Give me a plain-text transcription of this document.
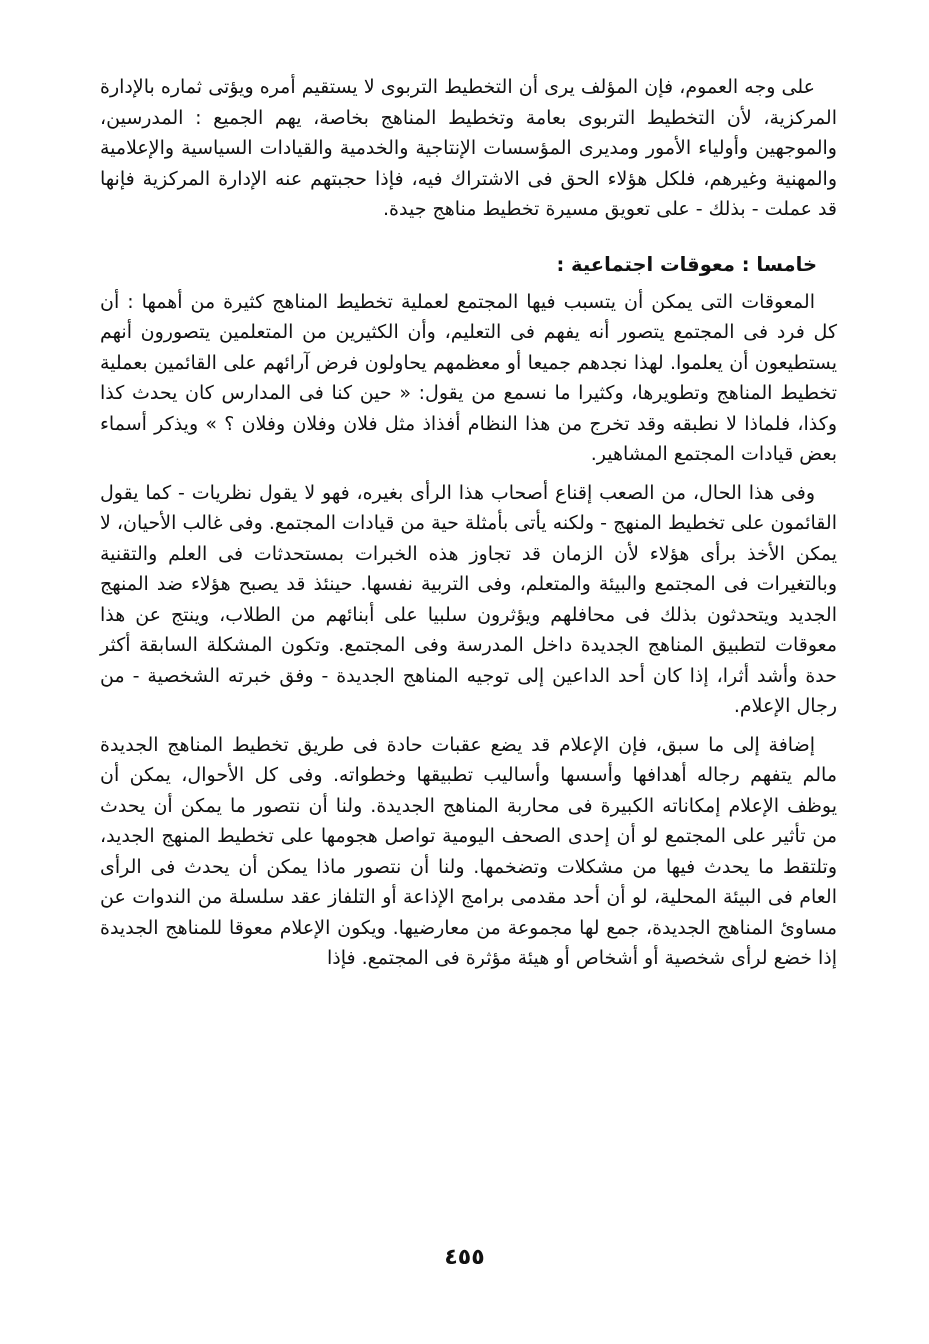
على وجه العموم، فإن المؤلف يرى أن التخطيط التربوى لا يستقيم أمره ويؤتى ثماره بالإدارة المركزية، لأن التخطيط التربوى بعامة وتخطيط المناهج بخاصة، يهم الجميع : المدرسين، والموجهين وأولياء الأمور ومديرى المؤسسات الإنتاجية والخدمية والقيادات السياسية والإعلامية والمهنية وغيرهم، فلكل هؤلاء الحق فى الاشتراك فيه، فإذا حجبتهم عنه الإدارة المركزية فإنها قد عملت - بذلك - على تعويق مسيرة تخطيط مناهج جيدة.

خامسا : معوقات اجتماعية :

المعوقات التى يمكن أن يتسبب فيها المجتمع لعملية تخطيط المناهج كثيرة من أهمها : أن كل فرد فى المجتمع يتصور أنه يفهم فى التعليم، وأن الكثيرين من المتعلمين يتصورون أنهم يستطيعون أن يعلموا. لهذا نجدهم جميعا أو معظمهم يحاولون فرض آرائهم على القائمين بعملية تخطيط المناهج وتطويرها، وكثيرا ما نسمع من يقول: « حين كنا فى المدارس كان يحدث كذا وكذا، فلماذا لا نطبقه وقد تخرج من هذا النظام أفذاذ مثل فلان وفلان وفلان ؟ » ويذكر أسماء بعض قيادات المجتمع المشاهير.

وفى هذا الحال، من الصعب إقناع أصحاب هذا الرأى بغيره، فهو لا يقول نظريات - كما يقول القائمون على تخطيط المنهج - ولكنه يأتى بأمثلة حية من قيادات المجتمع. وفى غالب الأحيان، لا يمكن الأخذ برأى هؤلاء لأن الزمان قد تجاوز هذه الخبرات بمستحدثات فى العلم والتقنية وبالتغيرات فى المجتمع والبيئة والمتعلم، وفى التربية نفسها. حينئذ قد يصبح هؤلاء ضد المنهج الجديد ويتحدثون بذلك فى محافلهم ويؤثرون سلبيا على أبنائهم من الطلاب، وينتج عن هذا معوقات لتطبيق المناهج الجديدة داخل المدرسة وفى المجتمع. وتكون المشكلة السابقة أكثر حدة وأشد أثرا، إذا كان أحد الداعين إلى توجيه المناهج الجديدة - وفق خبرته الشخصية - من رجال الإعلام.

إضافة إلى ما سبق، فإن الإعلام قد يضع عقبات حادة فى طريق تخطيط المناهج الجديدة مالم يتفهم رجاله أهدافها وأسسها وأساليب تطبيقها وخطواته. وفى كل الأحوال، يمكن أن يوظف الإعلام إمكاناته الكبيرة فى محاربة المناهج الجديدة. ولنا أن نتصور ما يمكن أن يحدث من تأثير على المجتمع لو أن إحدى الصحف اليومية تواصل هجومها على تخطيط المنهج الجديد، وتلتقط ما يحدث فيها من مشكلات وتضخمها. ولنا أن نتصور ماذا يمكن أن يحدث فى الرأى العام فى البيئة المحلية، لو أن أحد مقدمى برامج الإذاعة أو التلفاز عقد سلسلة من الندوات عن مساوئ المناهج الجديدة، جمع لها مجموعة من معارضيها. ويكون الإعلام معوقا للمناهج الجديدة إذا خضع لرأى شخصية أو أشخاص أو هيئة مؤثرة فى المجتمع. فإذا

٤٥٥
